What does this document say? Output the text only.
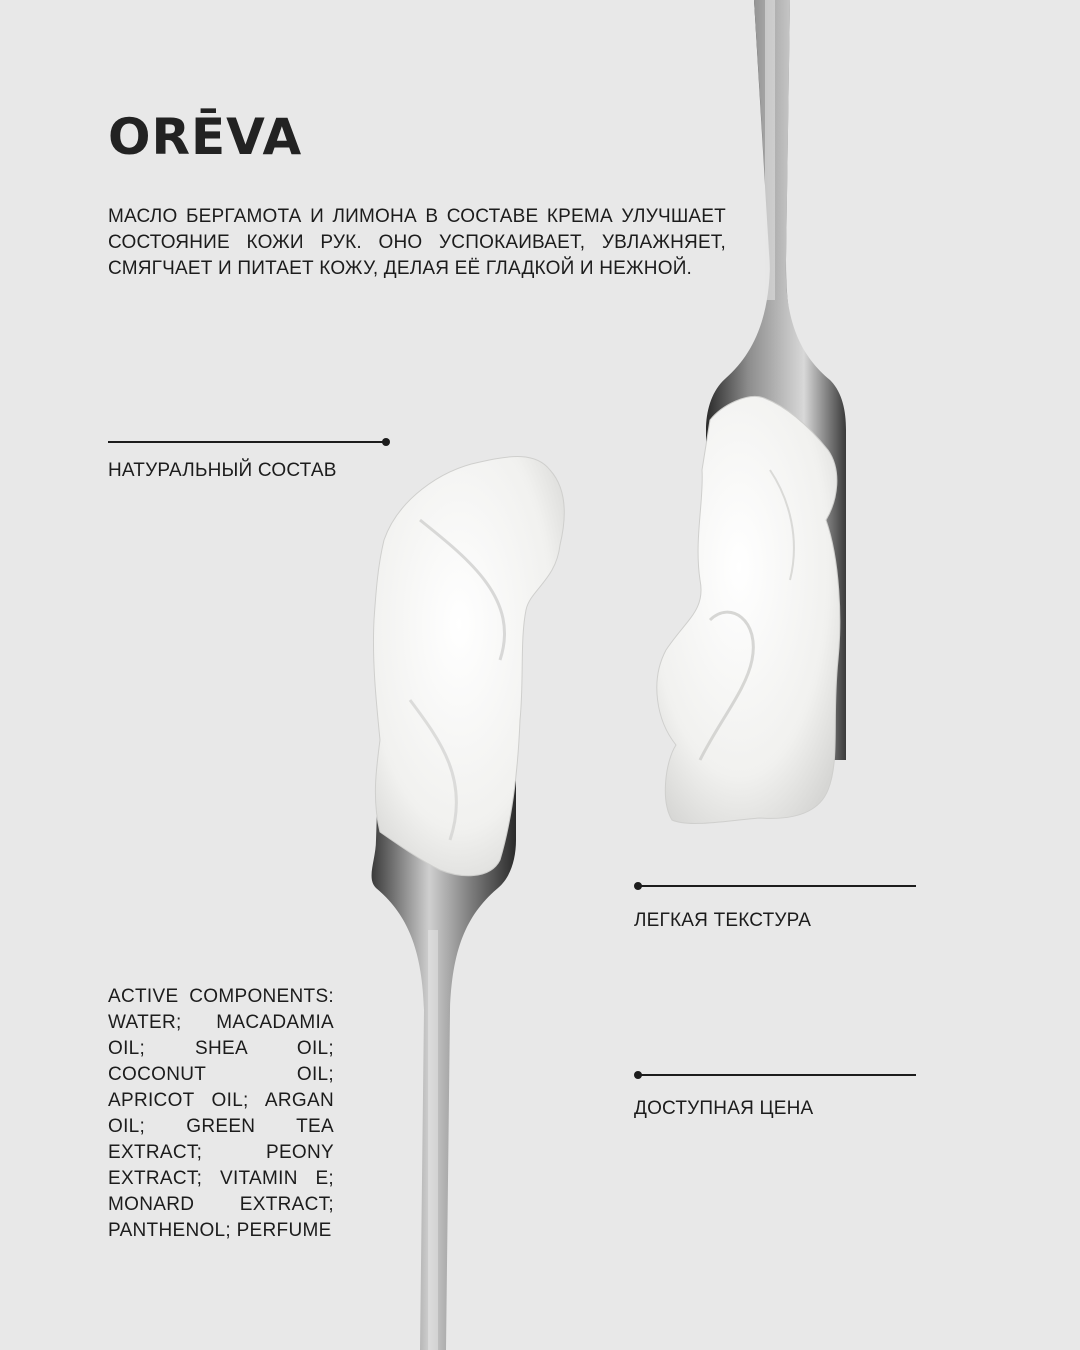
ORĒVA
МАСЛО БЕРГАМОТА И ЛИМОНА В СОСТАВЕ КРЕМА УЛУЧШАЕТ СОСТОЯНИЕ КОЖИ РУК. ОНО УСПОКАИВАЕТ, УВЛАЖНЯЕТ, СМЯГЧАЕТ И ПИТАЕТ КОЖУ, ДЕЛАЯ ЕЁ ГЛАДКОЙ И НЕЖНОЙ.
НАТУРАЛЬНЫЙ СОСТАВ
ЛЕГКАЯ ТЕКСТУРА
ДОСТУПНАЯ ЦЕНА
ACTIVE COMPONENTS: WATER; MACADAMIA OIL; SHEA OIL; COCONUT OIL; APRICOT OIL; ARGAN OIL; GREEN TEA EXTRACT; PEONY EXTRACT; VITAMIN E; MONARD EXTRACT; PANTHENOL; PERFUME
